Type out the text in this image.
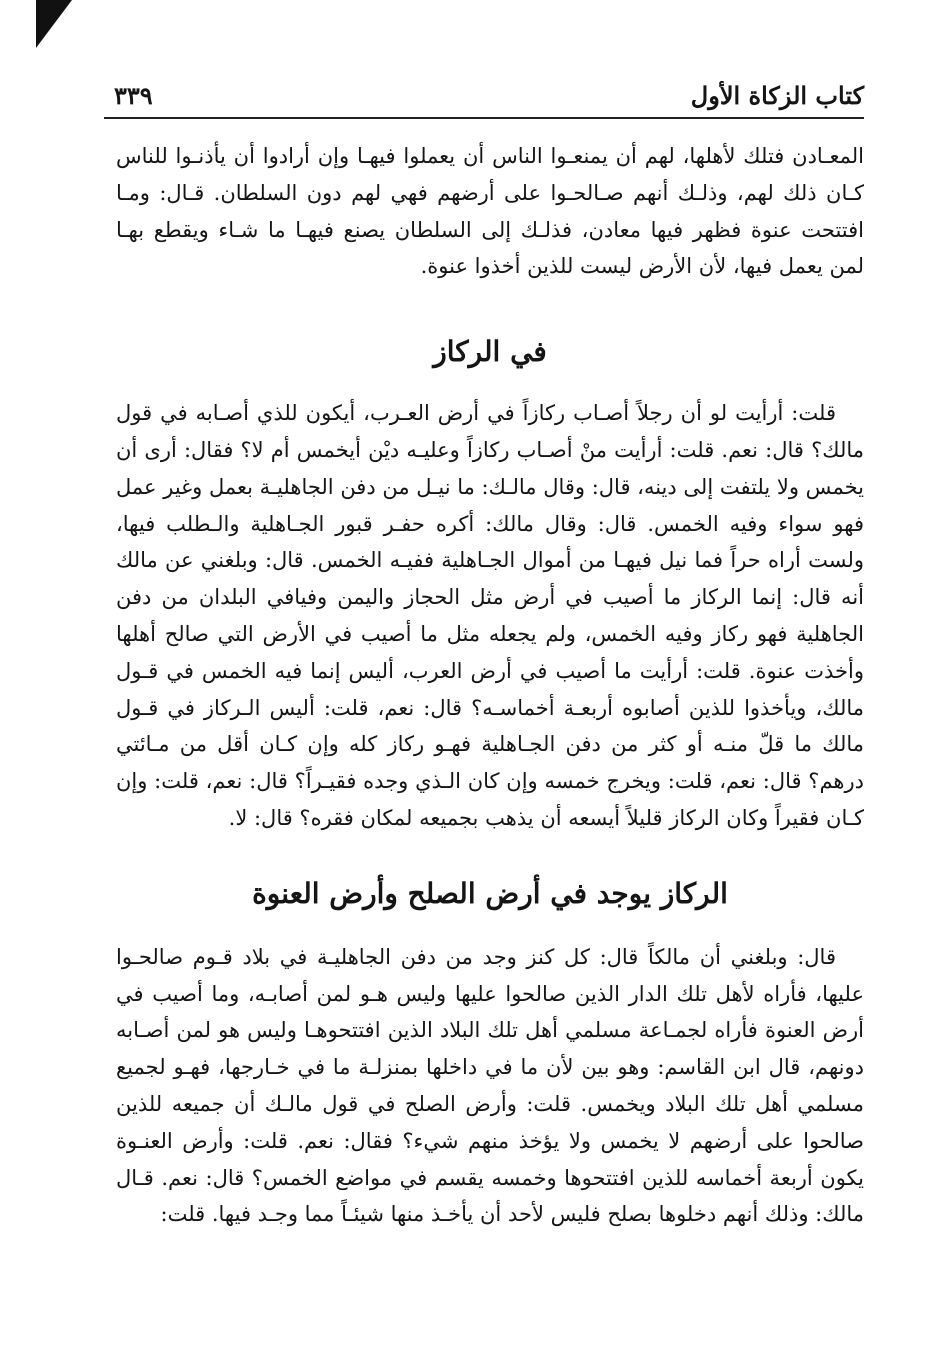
كتاب الزكاة الأول
٣٣٩

المعـادن فتلك لأهلها، لهم أن يمنعـوا الناس أن يعملوا فيهـا وإن أرادوا أن يأذنـوا للناس كـان ذلك لهم، وذلـك أنهم صـالحـوا على أرضهم فهي لهم دون السلطان. قـال: ومـا افتتحت عنوة فظهر فيها معادن، فذلـك إلى السلطان يصنع فيهـا ما شـاء ويقطع بهـا لمن يعمل فيها، لأن الأرض ليست للذين أخذوا عنوة.

في الركاز

قلت: أرأيت لو أن رجلاً أصـاب ركازاً في أرض العـرب، أيكون للذي أصـابه في قول مالك؟ قال: نعم. قلت: أرأيت منْ أصـاب ركازاً وعليـه ديْن أيخمس أم لا؟ فقال: أرى أن يخمس ولا يلتفت إلى دينه، قال: وقال مالـك: ما نيـل من دفن الجاهليـة بعمل وغير عمل فهو سواء وفيه الخمس. قال: وقال مالك: أكره حفـر قبور الجـاهلية والـطلب فيها، ولست أراه حراً فما نيل فيهـا من أموال الجـاهلية ففيـه الخمس. قال: وبلغني عن مالك أنه قال: إنما الركاز ما أصيب في أرض مثل الحجاز واليمن وفيافي البلدان من دفن الجاهلية فهو ركاز وفيه الخمس، ولم يجعله مثل ما أصيب في الأرض التي صالح أهلها وأخذت عنوة. قلت: أرأيت ما أصيب في أرض العرب، أليس إنما فيه الخمس في قـول مالك، ويأخذوا للذين أصابوه أربعـة أخماسـه؟ قال: نعم، قلت: أليس الـركاز في قـول مالك ما قلّ منـه أو كثر من دفن الجـاهلية فهـو ركاز كله وإن كـان أقل من مـائتي درهم؟ قال: نعم، قلت: ويخرج خمسه وإن كان الـذي وجده فقيـراً؟ قال: نعم، قلت: وإن كـان فقيراً وكان الركاز قليلاً أيسعه أن يذهب بجميعه لمكان فقره؟ قال: لا.

الركاز يوجد في أرض الصلح وأرض العنوة

قال: وبلغني أن مالكاً قال: كل كنز وجد من دفن الجاهليـة في بلاد قـوم صالحـوا عليها، فأراه لأهل تلك الدار الذين صالحوا عليها وليس هـو لمن أصابـه، وما أصيب في أرض العنوة فأراه لجمـاعة مسلمي أهل تلك البلاد الذين افتتحوهـا وليس هو لمن أصـابه دونهم، قال ابن القاسم: وهو بين لأن ما في داخلها بمنزلـة ما في خـارجها، فهـو لجميع مسلمي أهل تلك البلاد ويخمس. قلت: وأرض الصلح في قول مالـك أن جميعه للذين صالحوا على أرضهم لا يخمس ولا يؤخذ منهم شيء؟ فقال: نعم. قلت: وأرض العنـوة يكون أربعة أخماسه للذين افتتحوها وخمسه يقسم في مواضع الخمس؟ قال: نعم. قـال مالك: وذلك أنهم دخلوها بصلح فليس لأحد أن يأخـذ منها شيئـاً مما وجـد فيها. قلت:
